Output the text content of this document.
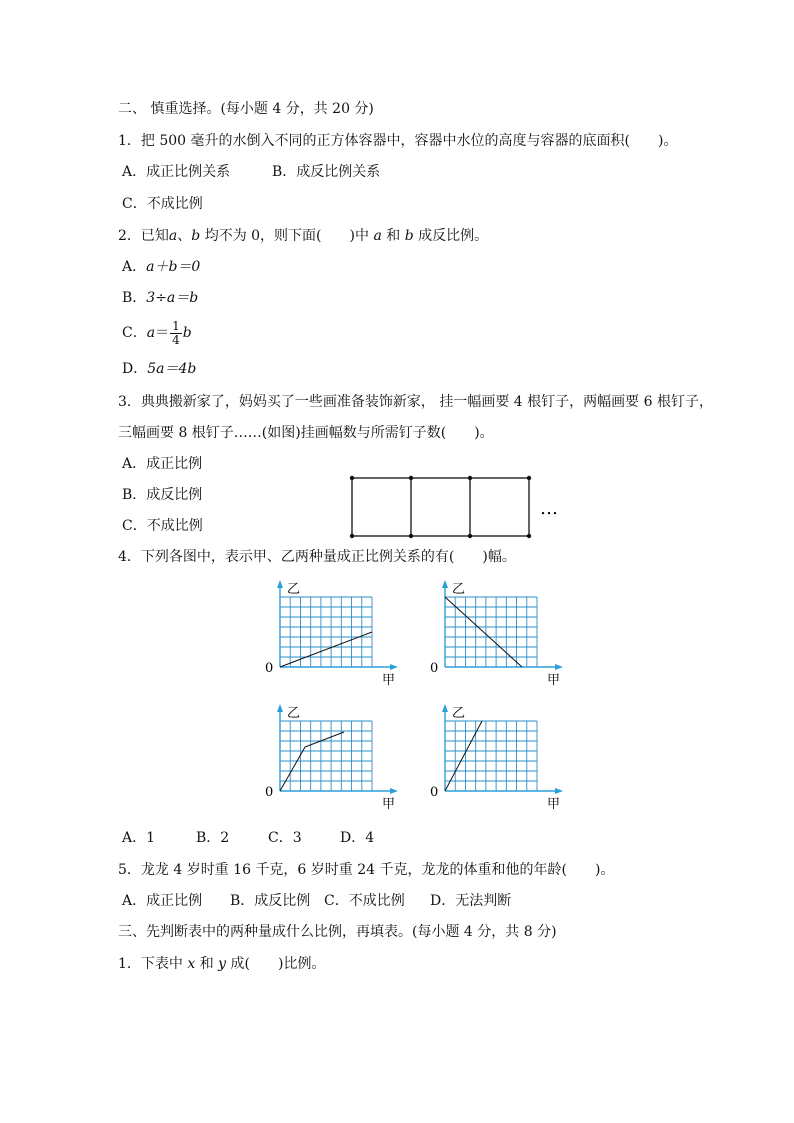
二、 慎重选择。(每小题 4 分，共 20 分)
1．把 500 毫升的水倒入不同的正方体容器中，容器中水位的高度与容器的底面积(　　)。
A．成正比例关系	B．成反比例关系
C．不成比例
2．已知a、b 均不为 0，则下面(　　)中 a 和 b 成反比例。
A．a＋b＝0
B．3÷a＝b
C．$a= \frac{1}{4}$ b
D．5a＝4b
3．典典搬新家了，妈妈买了一些画准备装饰新家， 挂一幅画要 4 根钉子，两幅画要 6 根钉子，
三幅画要 8 根钉子……(如图)挂画幅数与所需钉子数(　　)。
A．成正比例
B．成反比例
C．不成比例
…
4．下列各图中，表示甲、乙两种量成正比例关系的有(　　)幅。
乙
甲
0
乙
甲
0
乙
甲
0
乙
甲
0
A．1	B．2	C．3	D．4
5．龙龙 4 岁时重 16 千克，6 岁时重 24 千克，龙龙的体重和他的年龄(　　)。
A．成正比例 B．成反比例 C．不成比例 D．无法判断
三、先判断表中的两种量成什么比例，再填表。(每小题 4 分，共 8 分)
1．下表中 x 和 y 成(　　)比例。
